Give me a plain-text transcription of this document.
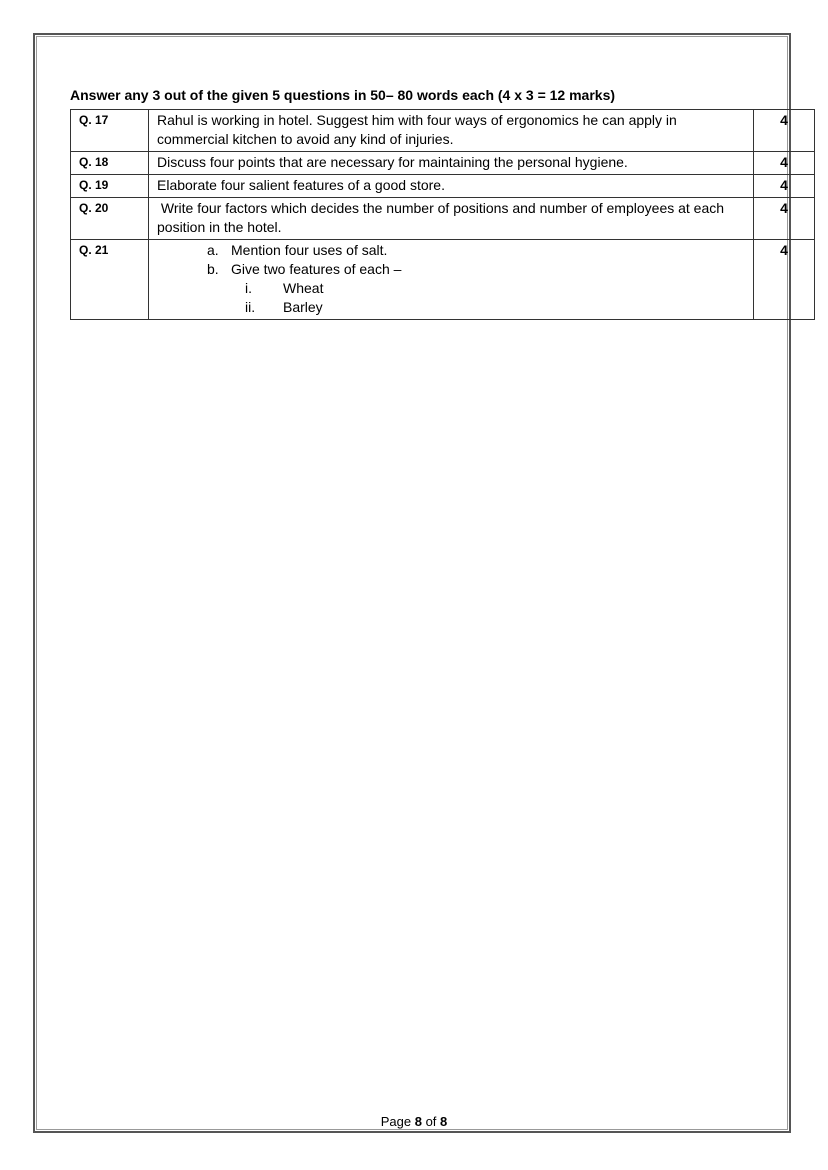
Answer any 3 out of the given 5 questions in 50– 80 words each (4 x 3 = 12 marks)
Q. 17	Rahul is working in hotel. Suggest him with four ways of ergonomics he can apply in commercial kitchen to avoid any kind of injuries.	4
Q. 18	Discuss four points that are necessary for maintaining the personal hygiene.	4
Q. 19	Elaborate four salient features of a good store.	4
Q. 20	Write four factors which decides the number of positions and number of employees at each position in the hotel.	4
Q. 21	a. Mention four uses of salt.
b. Give two features of each –
i. Wheat
ii. Barley	4
Page 8 of 8
